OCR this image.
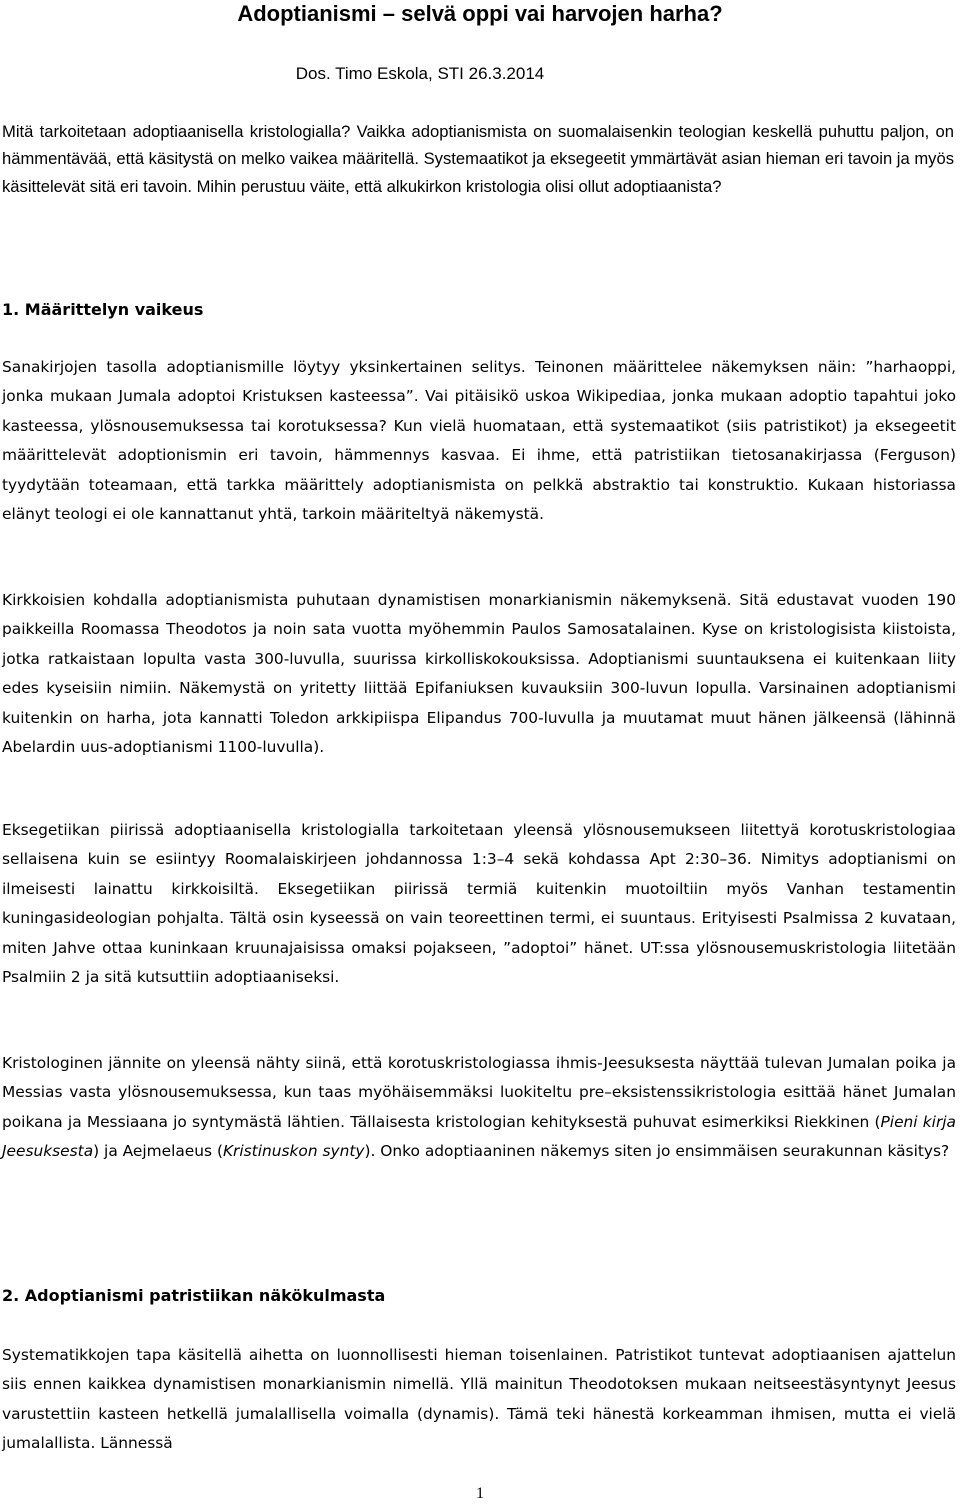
Adoptianismi – selvä oppi vai harvojen harha?
Dos. Timo Eskola, STI 26.3.2014

Mitä tarkoitetaan adoptiaanisella kristologialla? Vaikka adoptianismista on suomalaisenkin teologian keskellä puhuttu paljon, on hämmentävää, että käsitystä on melko vaikea määritellä. Systemaatikot ja eksegeetit ymmärtävät asian hieman eri tavoin ja myös käsittelevät sitä eri tavoin. Mihin perustuu väite, että alkukirkon kristologia olisi ollut adoptiaanista?

1. Määrittelyn vaikeus

Sanakirjojen tasolla adoptianismille löytyy yksinkertainen selitys. Teinonen määrittelee näkemyksen näin: ”harhaoppi, jonka mukaan Jumala adoptoi Kristuksen kasteessa”. Vai pitäisikö uskoa Wikipediaa, jonka mukaan adoptio tapahtui joko kasteessa, ylösnousemuksessa tai korotuksessa? Kun vielä huomataan, että systemaatikot (siis patristikot) ja eksegeetit määrittelevät adoptionismin eri tavoin, hämmennys kasvaa. Ei ihme, että patristiikan tietosanakirjassa (Ferguson) tyydytään toteamaan, että tarkka määrittely adoptianismista on pelkkä abstraktio tai konstruktio. Kukaan historiassa elänyt teologi ei ole kannattanut yhtä, tarkoin määriteltyä näkemystä.

Kirkkoisien kohdalla adoptianismista puhutaan dynamistisen monarkianismin näkemyksenä. Sitä edustavat vuoden 190 paikkeilla Roomassa Theodotos ja noin sata vuotta myöhemmin Paulos Samosatalainen. Kyse on kristologisista kiistoista, jotka ratkaistaan lopulta vasta 300-luvulla, suurissa kirkolliskokouksissa. Adoptianismi suuntauksena ei kuitenkaan liity edes kyseisiin nimiin. Näkemystä on yritetty liittää Epifaniuksen kuvauksiin 300-luvun lopulla. Varsinainen adoptianismi kuitenkin on harha, jota kannatti Toledon arkkipiispa Elipandus 700-luvulla ja muutamat muut hänen jälkeensä (lähinnä Abelardin uus-adoptianismi 1100-luvulla).

Eksegetiikan piirissä adoptiaanisella kristologialla tarkoitetaan yleensä ylösnousemukseen liitettyä korotuskristologiaa sellaisena kuin se esiintyy Roomalaiskirjeen johdannossa 1:3–4 sekä kohdassa Apt 2:30–36. Nimitys adoptianismi on ilmeisesti lainattu kirkkoisiltä. Eksegetiikan piirissä termiä kuitenkin muotoiltiin myös Vanhan testamentin kuningasideologian pohjalta. Tältä osin kyseessä on vain teoreettinen termi, ei suuntaus. Erityisesti Psalmissa 2 kuvataan, miten Jahve ottaa kuninkaan kruunajaisissa omaksi pojakseen, ”adoptoi” hänet. UT:ssa ylösnousemuskristologia liitetään Psalmiin 2 ja sitä kutsuttiin adoptiaaniseksi.

Kristologinen jännite on yleensä nähty siinä, että korotuskristologiassa ihmis-Jeesuksesta näyttää tulevan Jumalan poika ja Messias vasta ylösnousemuksessa, kun taas myöhäisemmäksi luokiteltu pre–eksistenssikristologia esittää hänet Jumalan poikana ja Messiaana jo syntymästä lähtien. Tällaisesta kristologian kehityksestä puhuvat esimerkiksi Riekkinen (Pieni kirja Jeesuksesta) ja Aejmelaeus (Kristinuskon synty). Onko adoptiaaninen näkemys siten jo ensimmäisen seurakunnan käsitys?

2. Adoptianismi patristiikan näkökulmasta

Systematikkojen tapa käsitellä aihetta on luonnollisesti hieman toisenlainen. Patristikot tuntevat adoptiaanisen ajattelun siis ennen kaikkea dynamistisen monarkianismin nimellä. Yllä mainitun Theodotoksen mukaan neitseestäsyntynyt Jeesus varustettiin kasteen hetkellä jumalallisella voimalla (dynamis). Tämä teki hänestä korkeamman ihmisen, mutta ei vielä jumalallista. Lännessä

1
